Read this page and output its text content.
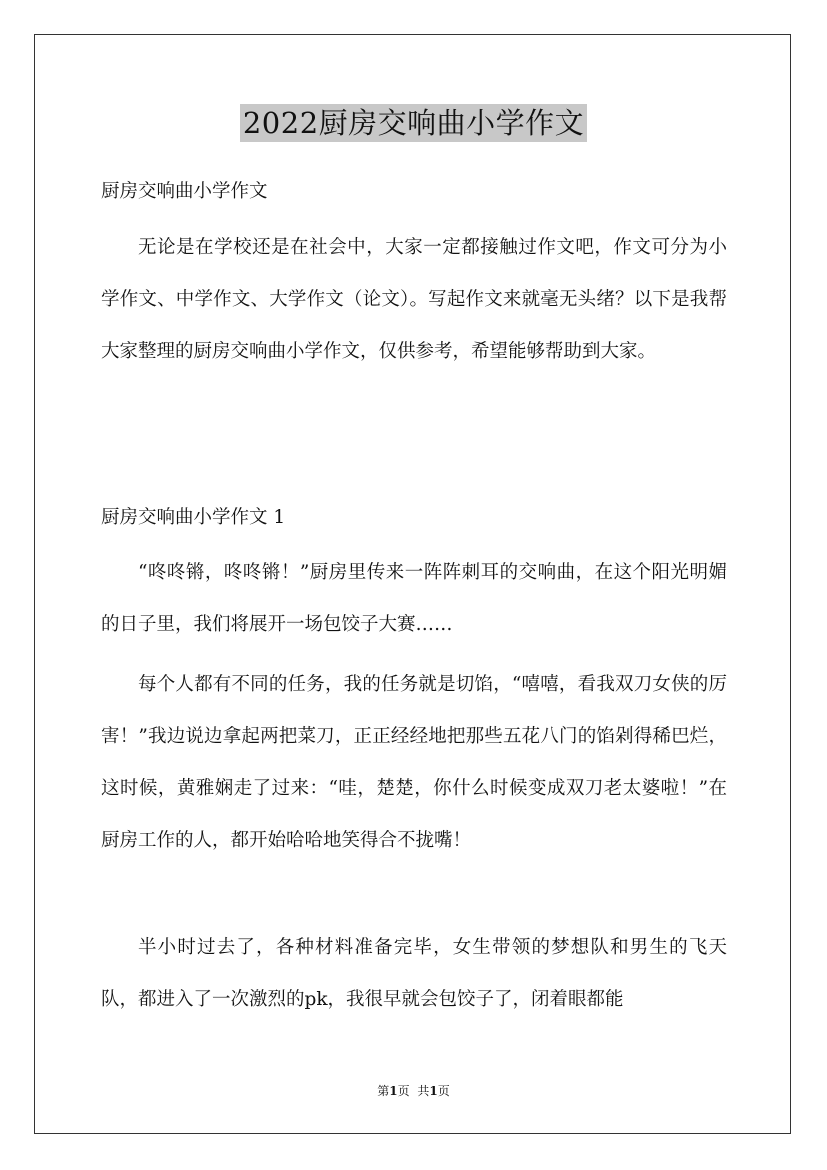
2022厨房交响曲小学作文

厨房交响曲小学作文

无论是在学校还是在社会中，大家一定都接触过作文吧，作文可分为小学作文、中学作文、大学作文（论文）。写起作文来就毫无头绪？以下是我帮大家整理的厨房交响曲小学作文，仅供参考，希望能够帮助到大家。

厨房交响曲小学作文 1

“咚咚锵，咚咚锵！”厨房里传来一阵阵刺耳的交响曲，在这个阳光明媚的日子里，我们将展开一场包饺子大赛……

每个人都有不同的任务，我的任务就是切馅，“嘻嘻，看我双刀女侠的厉害！”我边说边拿起两把菜刀，正正经经地把那些五花八门的馅剁得稀巴烂，这时候，黄雅娴走了过来：“哇，楚楚，你什么时候变成双刀老太婆啦！”在厨房工作的人，都开始哈哈地笑得合不拢嘴！

半小时过去了，各种材料准备完毕，女生带领的梦想队和男生的飞天队，都进入了一次激烈的pk，我很早就会包饺子了，闭着眼都能

第1页 共1页
